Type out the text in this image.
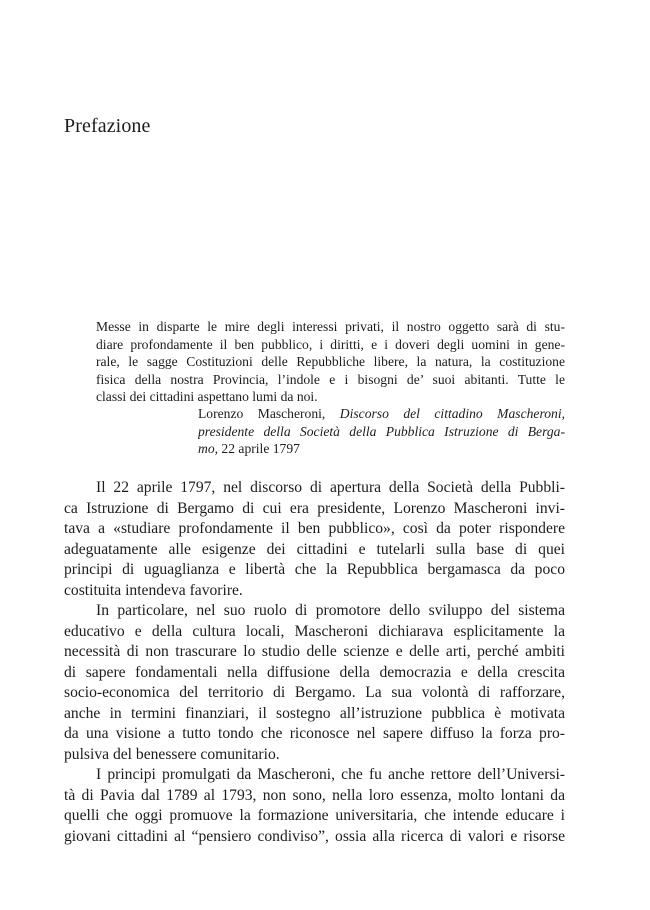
Prefazione
Messe in disparte le mire degli interessi privati, il nostro oggetto sarà di stu-
diare profondamente il ben pubblico, i diritti, e i doveri degli uomini in gene-
rale, le sagge Costituzioni delle Repubbliche libere, la natura, la costituzione
fisica della nostra Provincia, l’indole e i bisogni de’ suoi abitanti. Tutte le
classi dei cittadini aspettano lumi da noi.
Lorenzo Mascheroni, Discorso del cittadino Mascheroni,
presidente della Società della Pubblica Istruzione di Berga-
mo, 22 aprile 1797
Il 22 aprile 1797, nel discorso di apertura della Società della Pubbli-
ca Istruzione di Bergamo di cui era presidente, Lorenzo Mascheroni invi-
tava a «studiare profondamente il ben pubblico», così da poter rispondere
adeguatamente alle esigenze dei cittadini e tutelarli sulla base di quei
principi di uguaglianza e libertà che la Repubblica bergamasca da poco
costituita intendeva favorire.
In particolare, nel suo ruolo di promotore dello sviluppo del sistema
educativo e della cultura locali, Mascheroni dichiarava esplicitamente la
necessità di non trascurare lo studio delle scienze e delle arti, perché ambiti
di sapere fondamentali nella diffusione della democrazia e della crescita
socio-economica del territorio di Bergamo. La sua volontà di rafforzare,
anche in termini finanziari, il sostegno all’istruzione pubblica è motivata
da una visione a tutto tondo che riconosce nel sapere diffuso la forza pro-
pulsiva del benessere comunitario.
I principi promulgati da Mascheroni, che fu anche rettore dell’Universi-
tà di Pavia dal 1789 al 1793, non sono, nella loro essenza, molto lontani da
quelli che oggi promuove la formazione universitaria, che intende educare i
giovani cittadini al “pensiero condiviso”, ossia alla ricerca di valori e risorse
